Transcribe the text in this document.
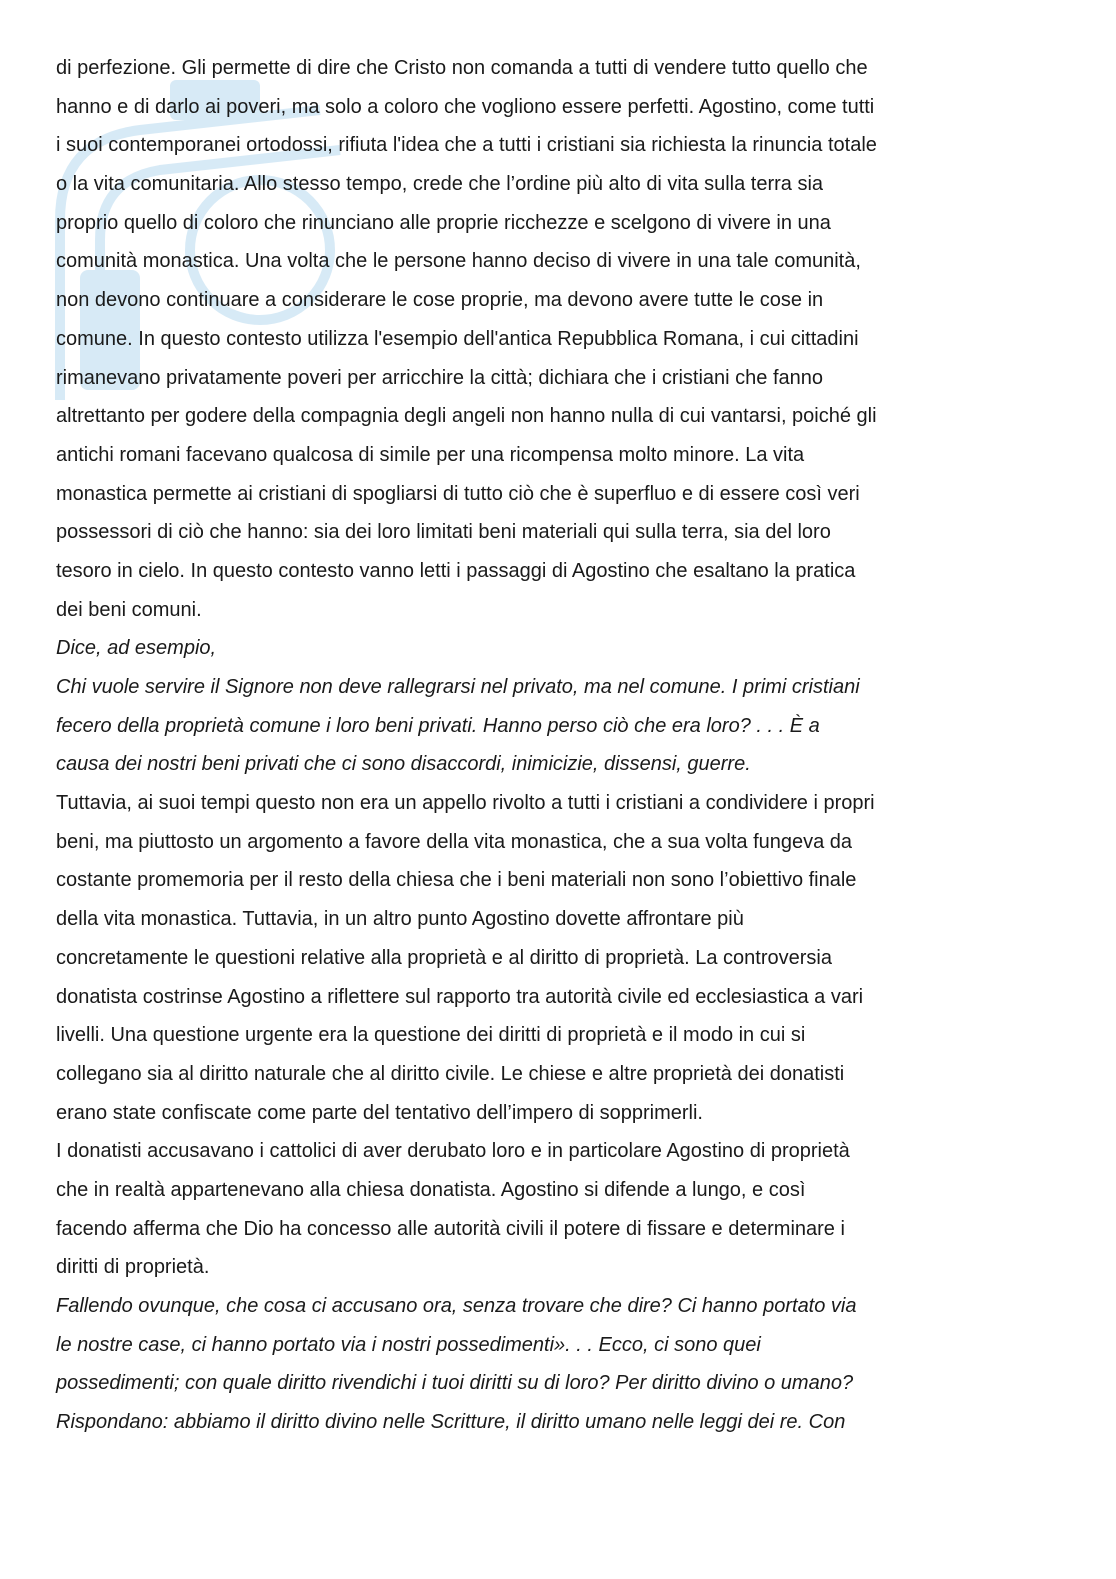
di perfezione. Gli permette di dire che Cristo non comanda a tutti di vendere tutto quello che
hanno e di darlo ai poveri, ma solo a coloro che vogliono essere perfetti. Agostino, come tutti
i suoi contemporanei ortodossi, rifiuta l'idea che a tutti i cristiani sia richiesta la rinuncia totale
o la vita comunitaria. Allo stesso tempo, crede che l’ordine più alto di vita sulla terra sia
proprio quello di coloro che rinunciano alle proprie ricchezze e scelgono di vivere in una
comunità monastica. Una volta che le persone hanno deciso di vivere in una tale comunità,
non devono continuare a considerare le cose proprie, ma devono avere tutte le cose in
comune. In questo contesto utilizza l'esempio dell'antica Repubblica Romana, i cui cittadini
rimanevano privatamente poveri per arricchire la città; dichiara che i cristiani che fanno
altrettanto per godere della compagnia degli angeli non hanno nulla di cui vantarsi, poiché gli
antichi romani facevano qualcosa di simile per una ricompensa molto minore. La vita
monastica permette ai cristiani di spogliarsi di tutto ciò che è superfluo e di essere così veri
possessori di ciò che hanno: sia dei loro limitati beni materiali qui sulla terra, sia del loro
tesoro in cielo. In questo contesto vanno letti i passaggi di Agostino che esaltano la pratica
dei beni comuni.
Dice, ad esempio,
Chi vuole servire il Signore non deve rallegrarsi nel privato, ma nel comune. I primi cristiani
fecero della proprietà comune i loro beni privati. Hanno perso ciò che era loro? . . . È a
causa dei nostri beni privati che ci sono disaccordi, inimicizie, dissensi, guerre.
Tuttavia, ai suoi tempi questo non era un appello rivolto a tutti i cristiani a condividere i propri
beni, ma piuttosto un argomento a favore della vita monastica, che a sua volta fungeva da
costante promemoria per il resto della chiesa che i beni materiali non sono l’obiettivo finale
della vita monastica. Tuttavia, in un altro punto Agostino dovette affrontare più
concretamente le questioni relative alla proprietà e al diritto di proprietà. La controversia
donatista costrinse Agostino a riflettere sul rapporto tra autorità civile ed ecclesiastica a vari
livelli. Una questione urgente era la questione dei diritti di proprietà e il modo in cui si
collegano sia al diritto naturale che al diritto civile. Le chiese e altre proprietà dei donatisti
erano state confiscate come parte del tentativo dell’impero di sopprimerli.
I donatisti accusavano i cattolici di aver derubato loro e in particolare Agostino di proprietà
che in realtà appartenevano alla chiesa donatista. Agostino si difende a lungo, e così
facendo afferma che Dio ha concesso alle autorità civili il potere di fissare e determinare i
diritti di proprietà.
Fallendo ovunque, che cosa ci accusano ora, senza trovare che dire? Ci hanno portato via
le nostre case, ci hanno portato via i nostri possedimenti». . . Ecco, ci sono quei
possedimenti; con quale diritto rivendichi i tuoi diritti su di loro? Per diritto divino o umano?
Rispondano: abbiamo il diritto divino nelle Scritture, il diritto umano nelle leggi dei re. Con
